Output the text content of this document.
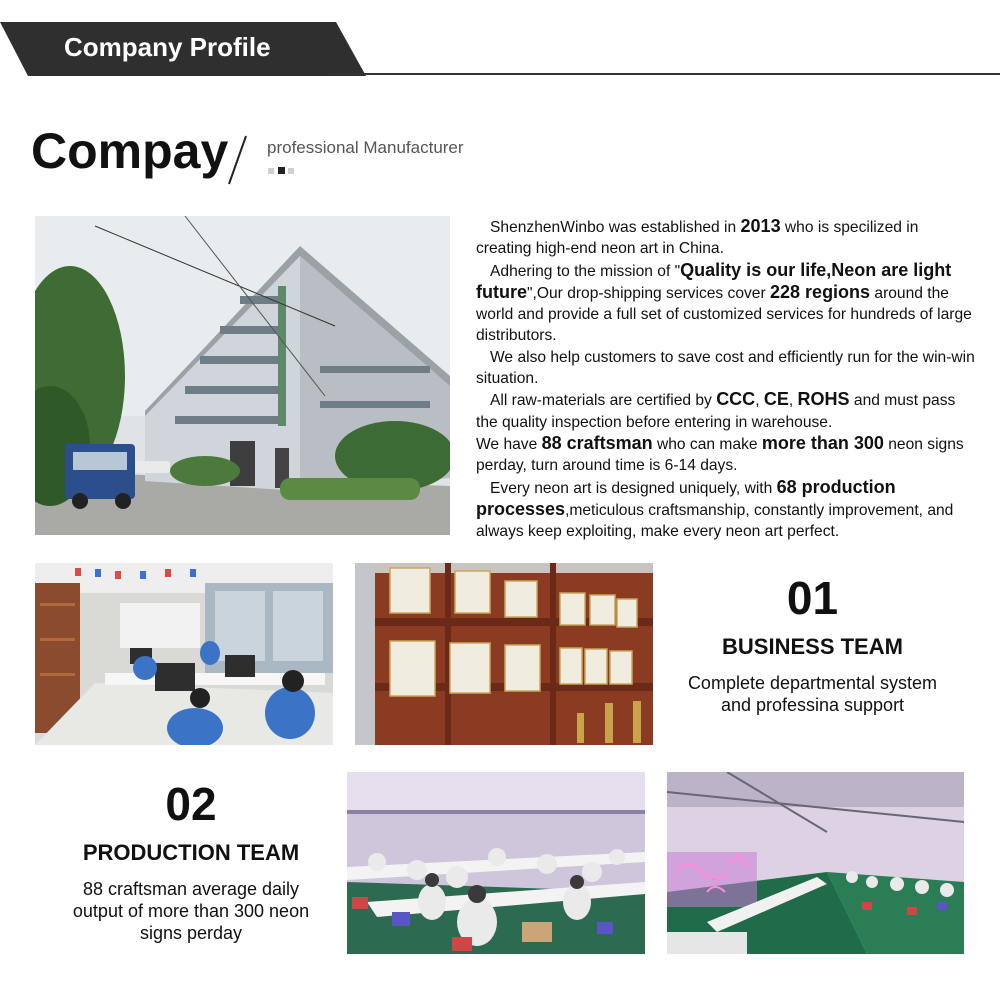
Company Profile
Compay professional Manufacturer

ShenzhenWinbo was established in 2013 who is specilized in creating high-end neon art in China.

Adhering to the mission of "Quality is our life,Neon are light future",Our drop-shipping services cover 228 regions around the world and provide a full set of customized services for hundreds of large distributors.

We also help customers to save cost and efficiently run for the win-win situation.

All raw-materials are certified by CCC, CE, ROHS and must pass the quality inspection before entering in warehouse.

We have 88 craftsman who can make more than 300 neon signs perday, turn around time is 6-14 days.

Every neon art is designed uniquely, with 68 production processes,meticulous craftsmanship, constantly improvement, and always keep exploiting, make every neon art perfect.

01
BUSINESS TEAM
Complete departmental system
and professina support
02
PRODUCTION TEAM
88 craftsman average daily
output of more than 300 neon
signs perday
